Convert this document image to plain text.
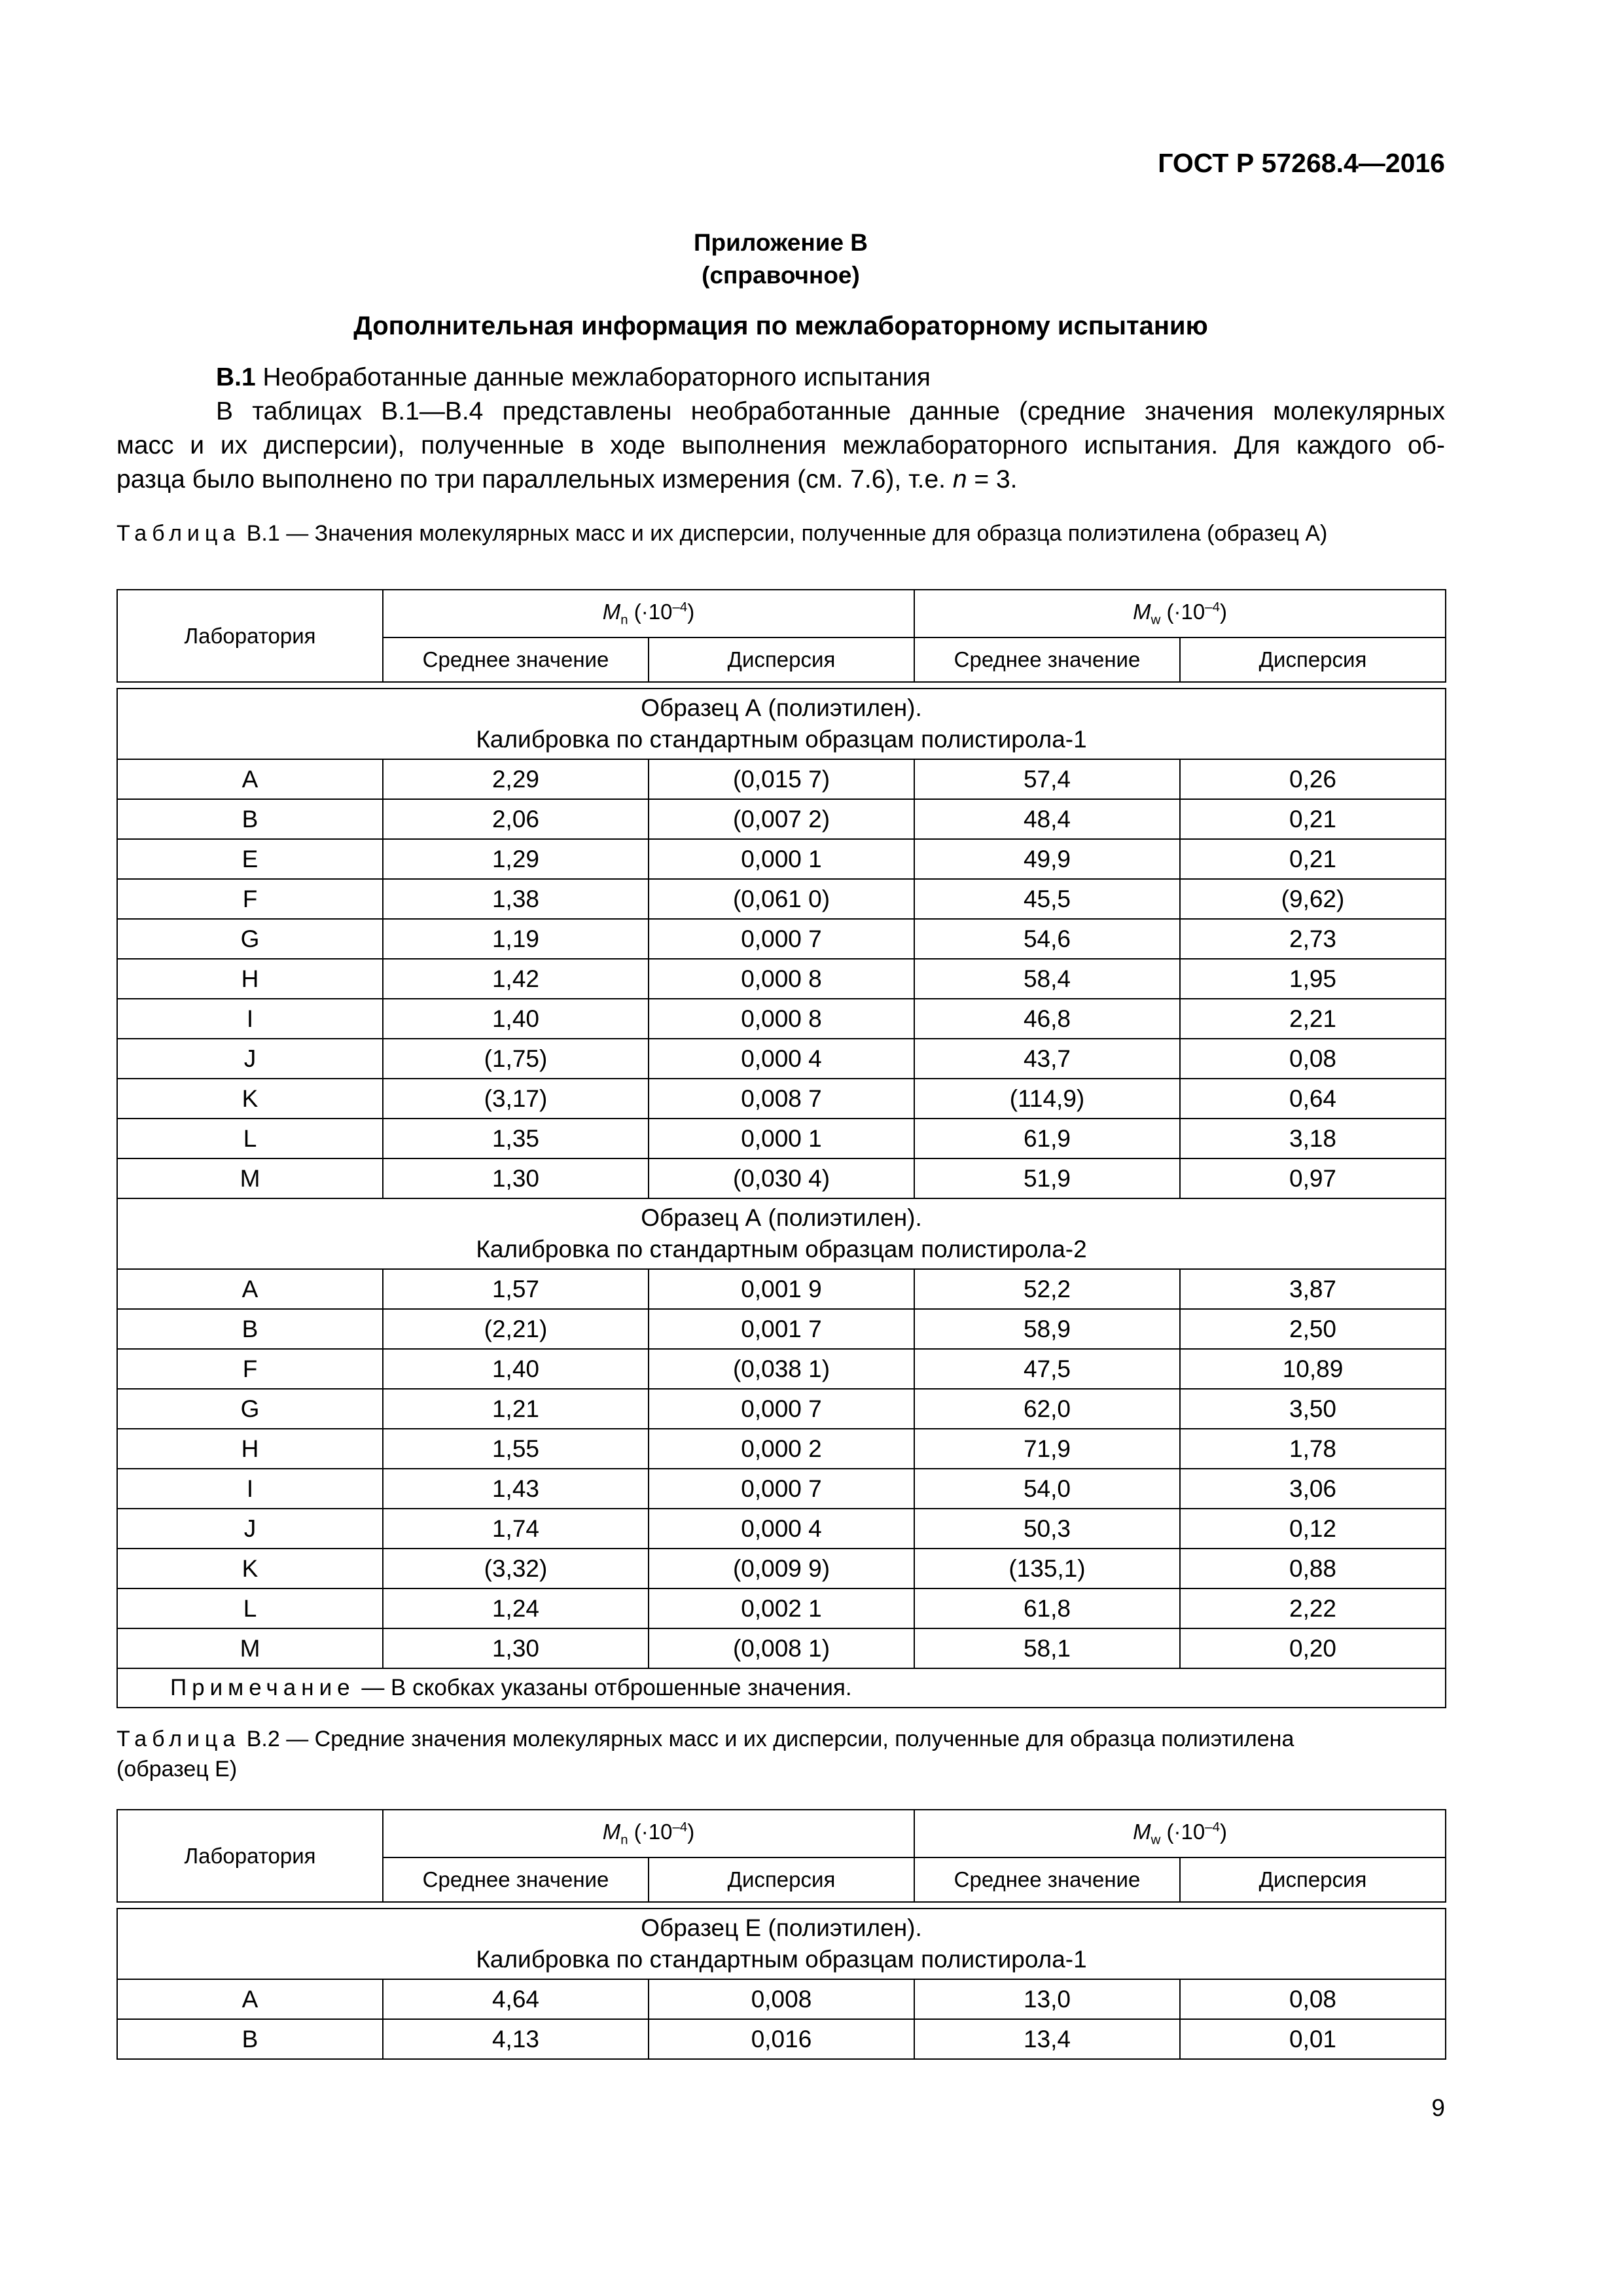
ГОСТ Р 57268.4—2016
Приложение В
(справочное)
Дополнительная информация по межлабораторному испытанию
В.1 Необработанные данные межлабораторного испытания
В таблицах В.1—В.4 представлены необработанные данные (средние значения молекулярных
масс и их дисперсии), полученные в ходе выполнения межлабораторного испытания. Для каждого об-
разца было выполнено по три параллельных измерения (см. 7.6), т.е. n = 3.
Таблица В.1 — Значения молекулярных масс и их дисперсии, полученные для образца полиэтилена (образец А)
Лаборатория	$M_n$ $(\cdot 10^{-4})$		$M_w$ $(\cdot 10^{-4})$	
	Среднее значение	Дисперсия	Среднее значение	Дисперсия

Образец А (полиэтилен).
Калибровка по стандартным образцам полистирола-1				

A	2,29	(0,015 7)	57,4	0,26
B	2,06	(0,007 2)	48,4	0,21
E	1,29	0,000 1	49,9	0,21
F	1,38	(0,061 0)	45,5	(9,62)
G	1,19	0,000 7	54,6	2,73
H	1,42	0,000 8	58,4	1,95
I	1,40	0,000 8	46,8	2,21
J	(1,75)	0,000 4	43,7	0,08
K	(3,17)	0,008 7	(114,9)	0,64
L	1,35	0,000 1	61,9	3,18
M	1,30	(0,030 4)	51,9	0,97

Образец А (полиэтилен).
Калибровка по стандартным образцам полистирола-2				

A	1,57	0,001 9	52,2	3,87
B	(2,21)	0,001 7	58,9	2,50
F	1,40	(0,038 1)	47,5	10,89
G	1,21	0,000 7	62,0	3,50
H	1,55	0,000 2	71,9	1,78
I	1,43	0,000 7	54,0	3,06
J	1,74	0,000 4	50,3	0,12
K	(3,32)	(0,009 9)	(135,1)	0,88
L	1,24	0,002 1	61,8	2,22
M	1,30	(0,008 1)	58,1	0,20
Примечание — В скобках указаны отброшенные значения.				
Таблица В.2 — Средние значения молекулярных масс и их дисперсии, полученные для образца полиэтилена
(образец E)
Лаборатория	$M_n$ $(\cdot 10^{-4})$		$M_w$ $(\cdot 10^{-4})$	
	Среднее значение	Дисперсия	Среднее значение	Дисперсия

Образец E (полиэтилен).
Калибровка по стандартным образцам полистирола-1				

A	4,64	0,008	13,0	0,08
B	4,13	0,016	13,4	0,01
9
